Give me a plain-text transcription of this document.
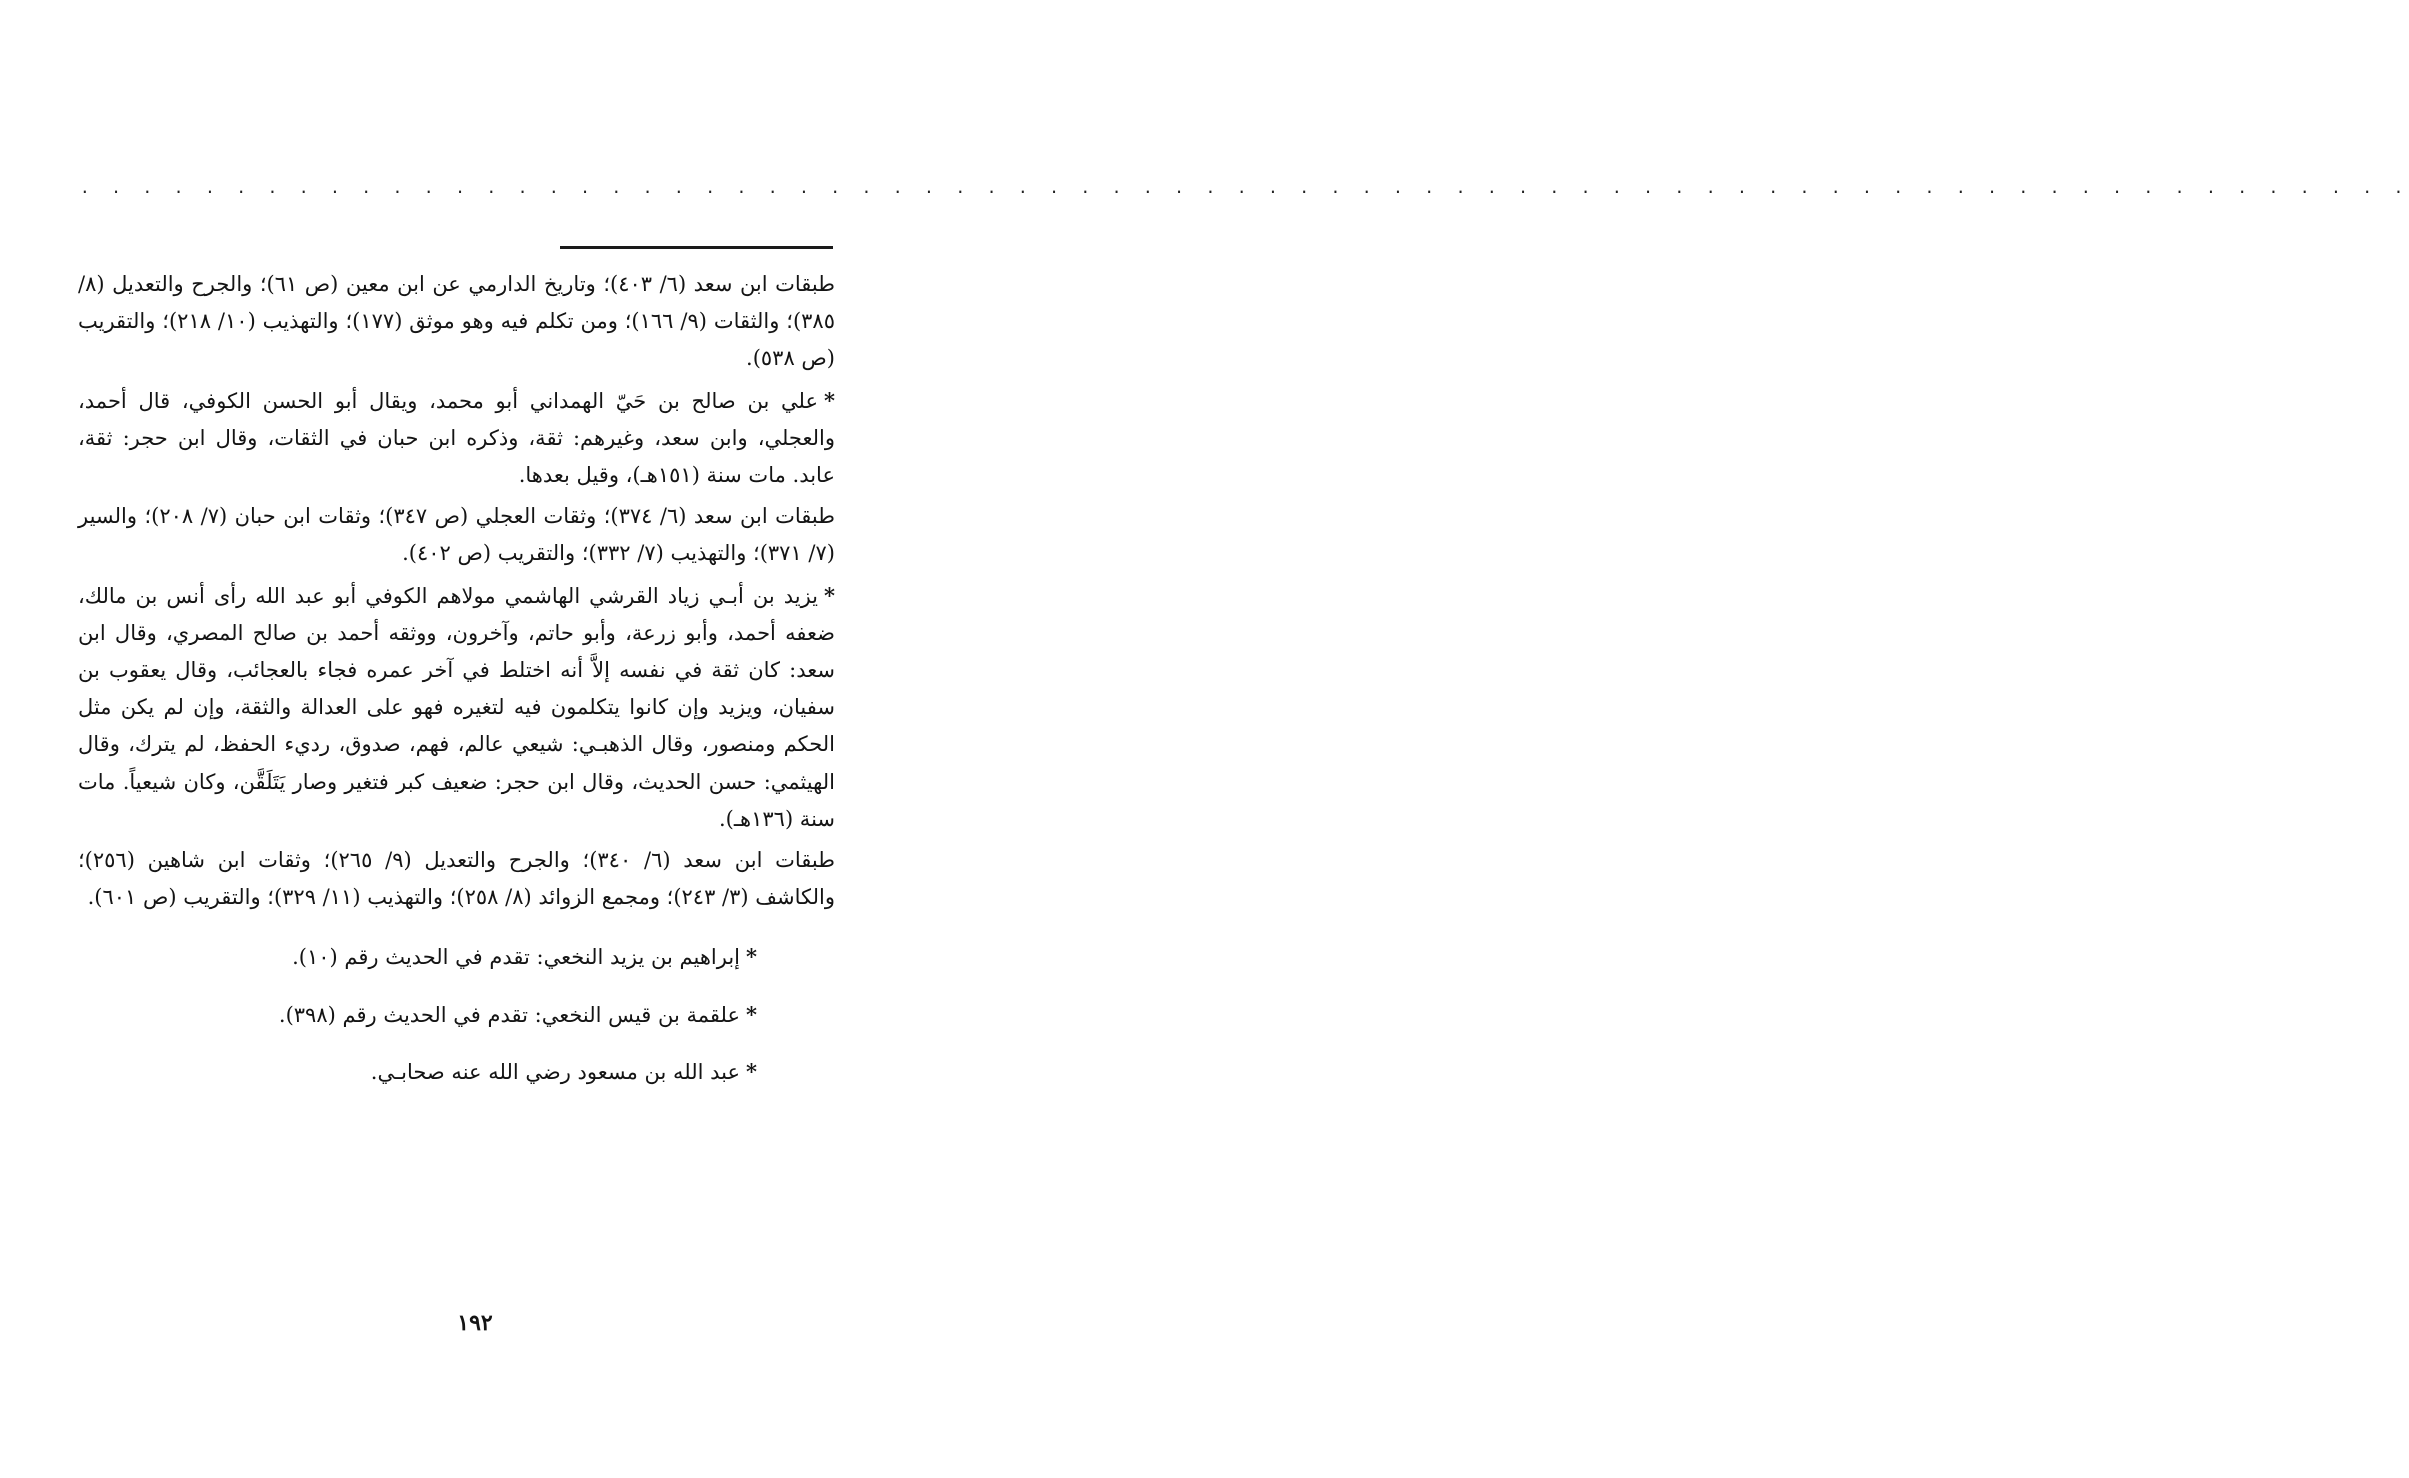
. . . . . . . . . . . . . . . . . . . . . . . . . . . . . . . . . . . . . . . . . . . . . . . . . . . . . . . . . . . . . . . . . . . . . . . . . . .

طبقات ابن سعد (٦/ ٤٠٣)؛ وتاريخ الدارمي عن ابن معين (ص ٦١)؛ والجرح والتعديل (٨/ ٣٨٥)؛ والثقات (٩/ ١٦٦)؛ ومن تكلم فيه وهو موثق (١٧٧)؛ والتهذيب (١٠/ ٢١٨)؛ والتقريب (ص ٥٣٨).

*علي بن صالح بن حَيّ الهمداني أبو محمد، ويقال أبو الحسن الكوفي، قال أحمد، والعجلي، وابن سعد، وغيرهم: ثقة، وذكره ابن حبان في الثقات، وقال ابن حجر: ثقة، عابد. مات سنة (١٥١هـ)، وقيل بعدها.

طبقات ابن سعد (٦/ ٣٧٤)؛ وثقات العجلي (ص ٣٤٧)؛ وثقات ابن حبان (٧/ ٢٠٨)؛ والسير (٧/ ٣٧١)؛ والتهذيب (٧/ ٣٣٢)؛ والتقريب (ص ٤٠٢).

*يزيد بن أبـي زياد القرشي الهاشمي مولاهم الكوفي أبو عبد الله رأى أنس بن مالك، ضعفه أحمد، وأبو زرعة، وأبو حاتم، وآخرون، ووثقه أحمد بن صالح المصري، وقال ابن سعد: كان ثقة في نفسه إلاَّ أنه اختلط في آخر عمره فجاء بالعجائب، وقال يعقوب بن سفيان، ويزيد وإن كانوا يتكلمون فيه لتغيره فهو على العدالة والثقة، وإن لم يكن مثل الحكم ومنصور، وقال الذهبـي: شيعي عالم، فهم، صدوق، رديء الحفظ، لم يترك، وقال الهيثمي: حسن الحديث، وقال ابن حجر: ضعيف كبر فتغير وصار يَتَلَقَّن، وكان شيعياً. مات سنة (١٣٦هـ).

طبقات ابن سعد (٦/ ٣٤٠)؛ والجرح والتعديل (٩/ ٢٦٥)؛ وثقات ابن شاهين (٢٥٦)؛ والكاشف (٣/ ٢٤٣)؛ ومجمع الزوائد (٨/ ٢٥٨)؛ والتهذيب (١١/ ٣٢٩)؛ والتقريب (ص ٦٠١).

*إبراهيم بن يزيد النخعي: تقدم في الحديث رقم (١٠).

*علقمة بن قيس النخعي: تقدم في الحديث رقم (٣٩٨).

*عبد الله بن مسعود رضي الله عنه صحابـي.

١٩٢
